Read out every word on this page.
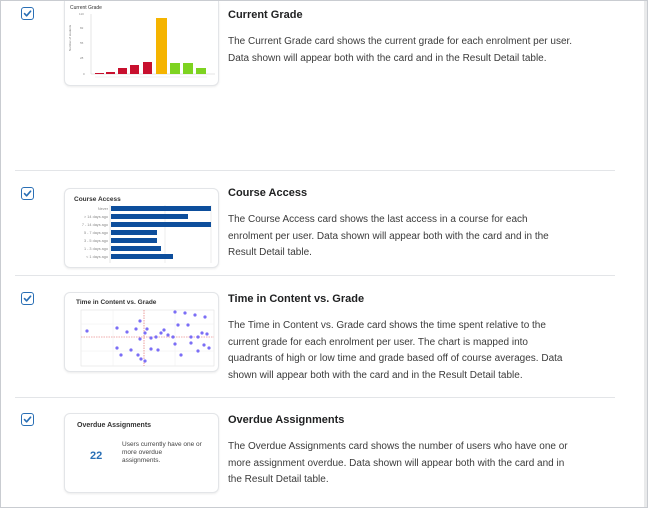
Current Grade
Number of students
110
82
55
28
0
Current Grade
The Current Grade card shows the current grade for each enrolment per user. Data shown will appear both with the card and in the Result Detail table.
Course Access
Never
> 14 days ago
7 - 14 days ago
5 - 7 days ago
3 - 5 days ago
1 - 3 days ago
< 1 days ago
Course Access
The Course Access card shows the last access in a course for each enrolment per user. Data shown will appear both with the card and in the Result Detail table.
Time in Content vs. Grade	Time in Content vs. Grade
The Time in Content vs. Grade card shows the time spent relative to the current grade for each enrolment per user. The chart is mapped into quadrants of high or low time and grade based off of course averages. Data shown will appear both with the card and in the Result Detail table.
Overdue Assignments
22
Users currently have one or more overdue assignments.
Overdue Assignments
The Overdue Assignments card shows the number of users who have one or more assignment overdue. Data shown will appear both with the card and in the Result Detail table.
